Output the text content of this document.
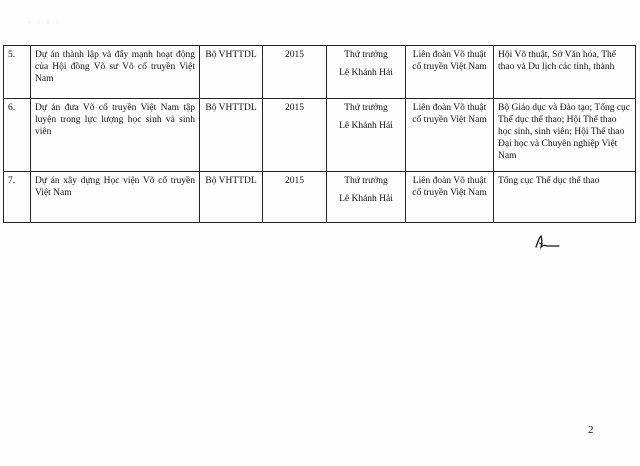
· · · ·
5.	Dự án thành lập và đẩy mạnh hoạt động của Hội đồng Võ sư Võ cổ truyền Việt Nam	Bộ VHTTDL	2015	Thứ trưởng
Lê Khánh Hải	Liên đoàn Võ thuật cổ truyền Việt Nam	Hội Võ thuật, Sở Văn hóa, Thể thao và Du lịch các tỉnh, thành
6.	Dự án đưa Võ cổ truyền Việt Nam tập luyện trong lực lượng học sinh và sinh viên	Bộ VHTTDL	2015	Thứ trưởng
Lê Khánh Hải	Liên đoàn Võ thuật cổ truyền Việt Nam	Bộ Giáo dục và Đào tạo; Tổng cục Thể dục thể thao; Hội Thể thao học sinh, sinh viên; Hội Thể thao Đại học và Chuyên nghiệp Việt Nam
7.	Dự án xây dựng Học viện Võ cổ truyền Việt Nam	Bộ VHTTDL	2015	Thứ trưởng
Lê Khánh Hải	Liên đoàn Võ thuật cổ truyền Việt Nam	Tổng cục Thể dục thể thao
2
